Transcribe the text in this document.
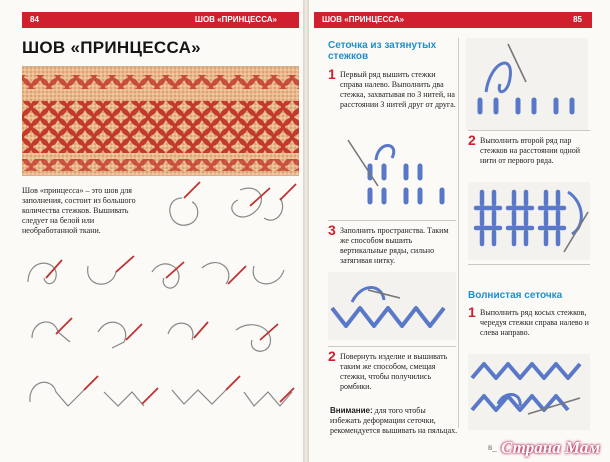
84	ШОВ «ПРИНЦЕССА»
ШОВ «ПРИНЦЕССА»

Шов «принцесса» – это шов для заполнения, состоит из большого количества стежков. Вышивать следует на белой или необработанной ткани.

ШОВ «ПРИНЦЕССА»	85

Сеточка из затянутых стежков

1 Первый ряд вышить стежки справа налево. Выполнить два стежка, захватывая по 3 нитей, на расстоянии 3 нитей друг от друга.

2 Выполнить второй ряд пар стежков на расстоянии одной нити от первого ряда.

3 Заполнить пространства. Таким же способом вышить вертикальные ряды, сильно затягивая нитку.

Волнистая сеточка

1 Выполнить ряд косых стежков, чередуя стежки справа налево и слева направо.

2 Повернуть изделие и вышивать таким же способом, смещая стежки, чтобы получились ромбики.

Внимание: для того чтобы избежать деформации сеточки, рекомендуется вышивать на пяльцах.

в_ Страна Мам
